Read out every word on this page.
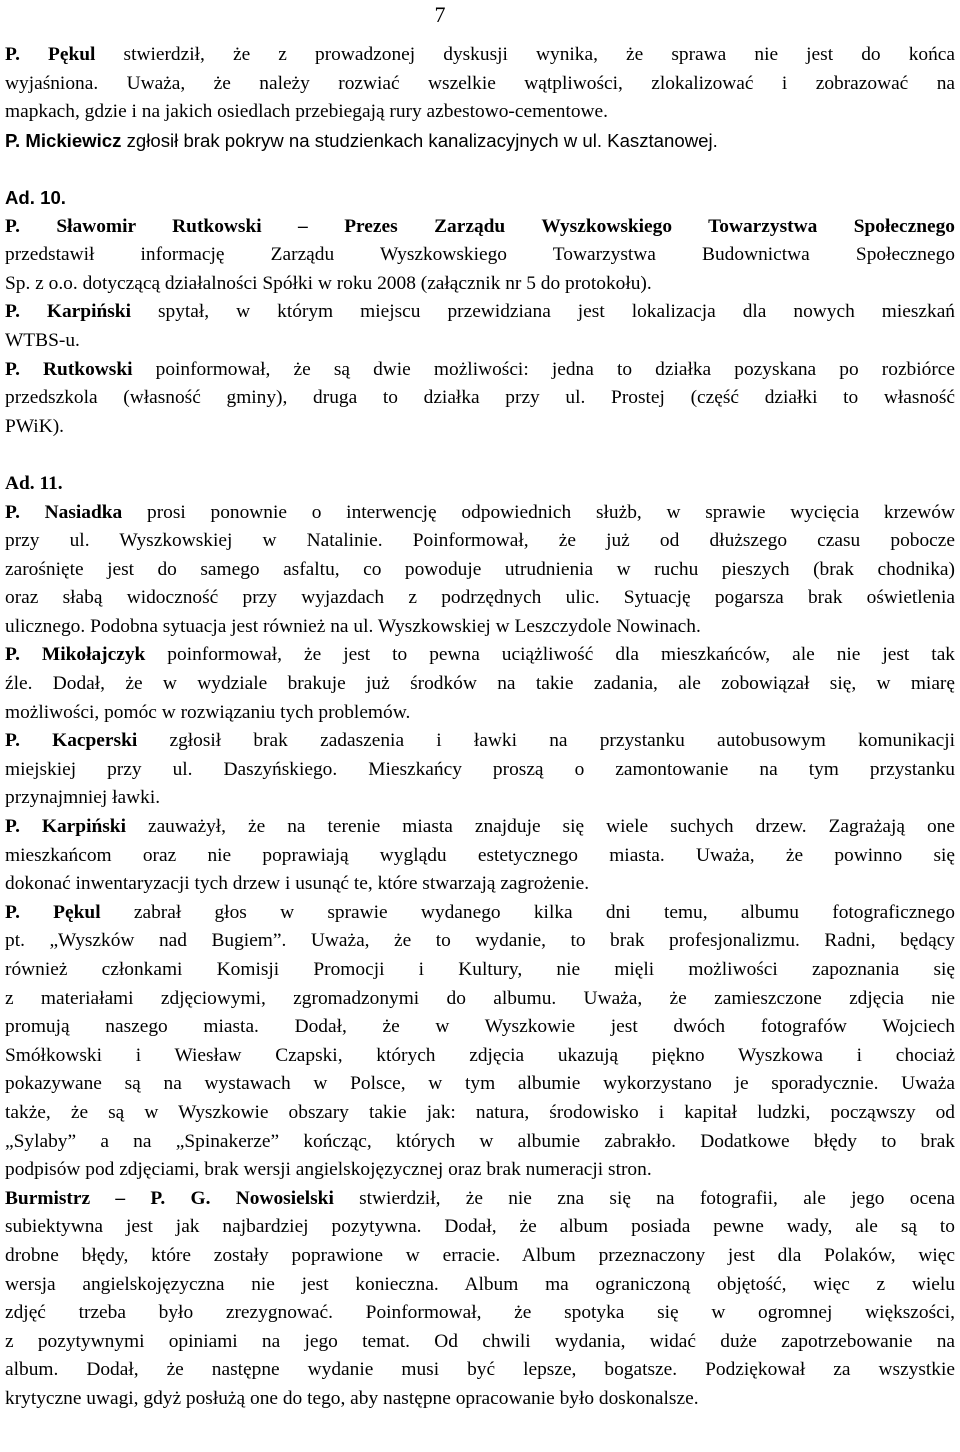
7
P. Pękul stwierdził, że z prowadzonej dyskusji wynika, że sprawa nie jest do końca
wyjaśniona. Uważa, że należy rozwiać wszelkie wątpliwości, zlokalizować i zobrazować na
mapkach, gdzie i na jakich osiedlach przebiegają rury azbestowo-cementowe.
P. Mickiewicz zgłosił brak pokryw na studzienkach kanalizacyjnych w ul. Kasztanowej.
Ad. 10.
P. Sławomir Rutkowski – Prezes Zarządu Wyszkowskiego Towarzystwa Społecznego
przedstawił informację Zarządu Wyszkowskiego Towarzystwa Budownictwa Społecznego
Sp. z o.o. dotyczącą działalności Spółki w roku 2008 (załącznik nr 5 do protokołu).
P. Karpiński spytał, w którym miejscu przewidziana jest lokalizacja dla nowych mieszkań
WTBS-u.
P. Rutkowski poinformował, że są dwie możliwości: jedna to działka pozyskana po rozbiórce
przedszkola (własność gminy), druga to działka przy ul. Prostej (część działki to własność
PWiK).
Ad. 11.
P. Nasiadka prosi ponownie o interwencję odpowiednich służb, w sprawie wycięcia krzewów
przy ul. Wyszkowskiej w Natalinie. Poinformował, że już od dłuższego czasu pobocze
zarośnięte jest do samego asfaltu, co powoduje utrudnienia w ruchu pieszych (brak chodnika)
oraz słabą widoczność przy wyjazdach z podrzędnych ulic. Sytuację pogarsza brak oświetlenia
ulicznego. Podobna sytuacja jest również na ul. Wyszkowskiej w Leszczydole Nowinach.
P. Mikołajczyk poinformował, że jest to pewna uciążliwość dla mieszkańców, ale nie jest tak
źle. Dodał, że w wydziale brakuje już środków na takie zadania, ale zobowiązał się, w miarę
możliwości, pomóc w rozwiązaniu tych problemów.
P. Kacperski zgłosił brak zadaszenia i ławki na przystanku autobusowym komunikacji
miejskiej przy ul. Daszyńskiego. Mieszkańcy proszą o zamontowanie na tym przystanku
przynajmniej ławki.
P. Karpiński zauważył, że na terenie miasta znajduje się wiele suchych drzew. Zagrażają one
mieszkańcom oraz nie poprawiają wyglądu estetycznego miasta. Uważa, że powinno się
dokonać inwentaryzacji tych drzew i usunąć te, które stwarzają zagrożenie.
P. Pękul zabrał głos w sprawie wydanego kilka dni temu, albumu fotograficznego
pt. „Wyszków nad Bugiem”. Uważa, że to wydanie, to brak profesjonalizmu. Radni, będący
również członkami Komisji Promocji i Kultury, nie mięli możliwości zapoznania się
z materiałami zdjęciowymi, zgromadzonymi do albumu. Uważa, że zamieszczone zdjęcia nie
promują naszego miasta. Dodał, że w Wyszkowie jest dwóch fotografów Wojciech
Smółkowski i Wiesław Czapski, których zdjęcia ukazują piękno Wyszkowa i chociaż
pokazywane są na wystawach w Polsce, w tym albumie wykorzystano je sporadycznie. Uważa
także, że są w Wyszkowie obszary takie jak: natura, środowisko i kapitał ludzki, począwszy od
„Sylaby” a na „Spinakerze” kończąc, których w albumie zabrakło. Dodatkowe błędy to brak
podpisów pod zdjęciami, brak wersji angielskojęzycznej oraz brak numeracji stron.
Burmistrz – P. G. Nowosielski stwierdził, że nie zna się na fotografii, ale jego ocena
subiektywna jest jak najbardziej pozytywna. Dodał, że album posiada pewne wady, ale są to
drobne błędy, które zostały poprawione w erracie. Album przeznaczony jest dla Polaków, więc
wersja angielskojęzyczna nie jest konieczna. Album ma ograniczoną objętość, więc z wielu
zdjęć trzeba było zrezygnować. Poinformował, że spotyka się w ogromnej większości,
z pozytywnymi opiniami na jego temat. Od chwili wydania, widać duże zapotrzebowanie na
album. Dodał, że następne wydanie musi być lepsze, bogatsze. Podziękował za wszystkie
krytyczne uwagi, gdyż posłużą one do tego, aby następne opracowanie było doskonalsze.
